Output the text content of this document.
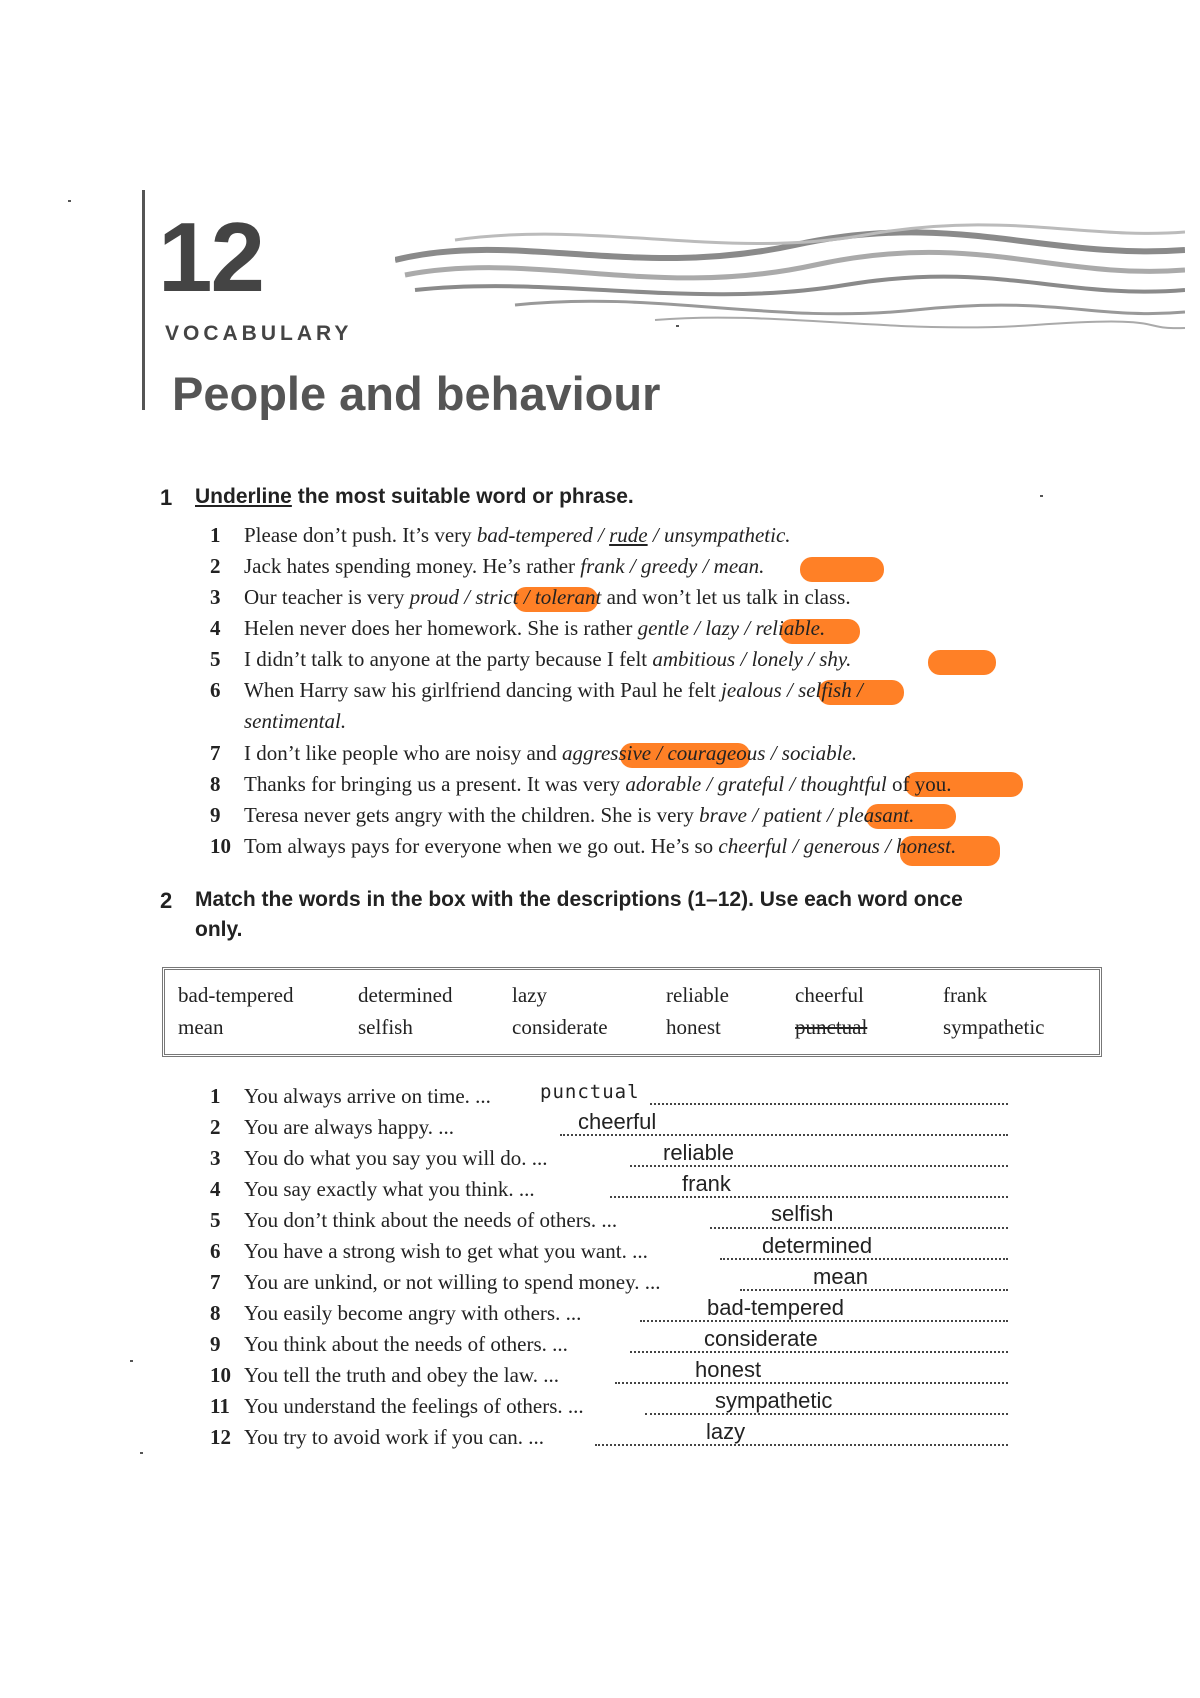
12
VOCABULARY
People and behaviour
1 Underline the most suitable word or phrase.
1 Please don’t push. It’s very bad-tempered / rude / unsympathetic.
2 Jack hates spending money. He’s rather frank / greedy / mean.
3 Our teacher is very proud / strict / tolerant and won’t let us talk in class.
4 Helen never does her homework. She is rather gentle / lazy / reliable.
5 I didn’t talk to anyone at the party because I felt ambitious / lonely / shy.
6 When Harry saw his girlfriend dancing with Paul he felt jealous / selfish /
sentimental.
7 I don’t like people who are noisy and aggressive / courageous / sociable.
8 Thanks for bringing us a present. It was very adorable / grateful / thoughtful of you.
9 Teresa never gets angry with the children. She is very brave / patient / pleasant.
10 Tom always pays for everyone when we go out. He’s so cheerful / generous / honest.
2 Match the words in the box with the descriptions (1–12). Use each word once
only.
bad-tempered	determined	lazy	reliable	cheerful	frank
mean	selfish	considerate	honest	punctual	sympathetic
1 You always arrive on time. ...	punctual
2 You are always happy. ...	cheerful
3 You do what you say you will do. ...	reliable
4 You say exactly what you think. ...	frank
5 You don’t think about the needs of others. ...	selfish
6 You have a strong wish to get what you want. ...	determined
7 You are unkind, or not willing to spend money. ...	mean
8 You easily become angry with others. ...	bad-tempered
9 You think about the needs of others. ...	considerate
10 You tell the truth and obey the law. ...	honest
11 You understand the feelings of others. ...	sympathetic
12 You try to avoid work if you can. ...	lazy
